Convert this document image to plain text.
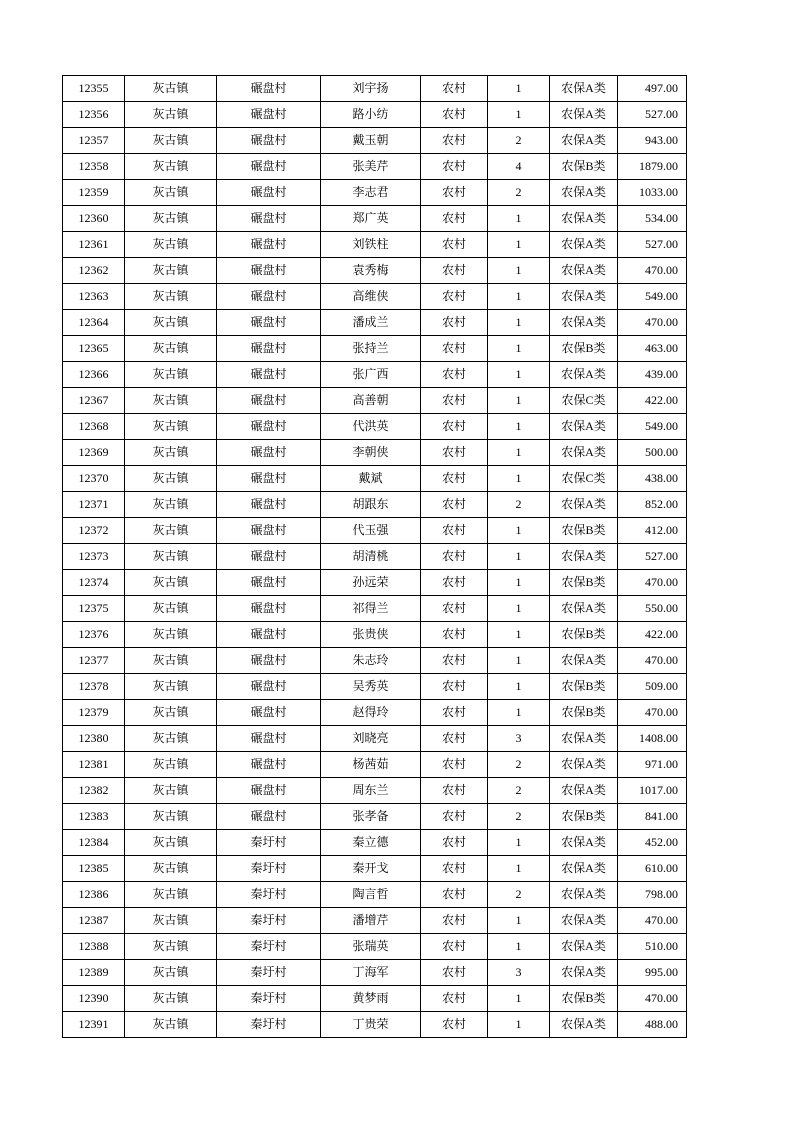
12355	灰古镇	碾盘村	刘宇扬	农村	1	农保A类	497.00
12356	灰古镇	碾盘村	路小纺	农村	1	农保A类	527.00
12357	灰古镇	碾盘村	戴玉朝	农村	2	农保A类	943.00
12358	灰古镇	碾盘村	张美芹	农村	4	农保B类	1879.00
12359	灰古镇	碾盘村	李志君	农村	2	农保A类	1033.00
12360	灰古镇	碾盘村	郑广英	农村	1	农保A类	534.00
12361	灰古镇	碾盘村	刘铁柱	农村	1	农保A类	527.00
12362	灰古镇	碾盘村	袁秀梅	农村	1	农保A类	470.00
12363	灰古镇	碾盘村	高维侠	农村	1	农保A类	549.00
12364	灰古镇	碾盘村	潘成兰	农村	1	农保A类	470.00
12365	灰古镇	碾盘村	张持兰	农村	1	农保B类	463.00
12366	灰古镇	碾盘村	张广西	农村	1	农保A类	439.00
12367	灰古镇	碾盘村	高善朝	农村	1	农保C类	422.00
12368	灰古镇	碾盘村	代洪英	农村	1	农保A类	549.00
12369	灰古镇	碾盘村	李朝侠	农村	1	农保A类	500.00
12370	灰古镇	碾盘村	戴斌	农村	1	农保C类	438.00
12371	灰古镇	碾盘村	胡跟东	农村	2	农保A类	852.00
12372	灰古镇	碾盘村	代玉强	农村	1	农保B类	412.00
12373	灰古镇	碾盘村	胡清桃	农村	1	农保A类	527.00
12374	灰古镇	碾盘村	孙远荣	农村	1	农保B类	470.00
12375	灰古镇	碾盘村	祁得兰	农村	1	农保A类	550.00
12376	灰古镇	碾盘村	张贵侠	农村	1	农保B类	422.00
12377	灰古镇	碾盘村	朱志玲	农村	1	农保A类	470.00
12378	灰古镇	碾盘村	吴秀英	农村	1	农保B类	509.00
12379	灰古镇	碾盘村	赵得玲	农村	1	农保B类	470.00
12380	灰古镇	碾盘村	刘晓亮	农村	3	农保A类	1408.00
12381	灰古镇	碾盘村	杨茜茹	农村	2	农保A类	971.00
12382	灰古镇	碾盘村	周东兰	农村	2	农保A类	1017.00
12383	灰古镇	碾盘村	张孝备	农村	2	农保B类	841.00
12384	灰古镇	秦圩村	秦立德	农村	1	农保A类	452.00
12385	灰古镇	秦圩村	秦开戈	农村	1	农保A类	610.00
12386	灰古镇	秦圩村	陶言哲	农村	2	农保A类	798.00
12387	灰古镇	秦圩村	潘增芹	农村	1	农保A类	470.00
12388	灰古镇	秦圩村	张瑞英	农村	1	农保A类	510.00
12389	灰古镇	秦圩村	丁海军	农村	3	农保A类	995.00
12390	灰古镇	秦圩村	黄梦雨	农村	1	农保B类	470.00
12391	灰古镇	秦圩村	丁贵荣	农村	1	农保A类	488.00
